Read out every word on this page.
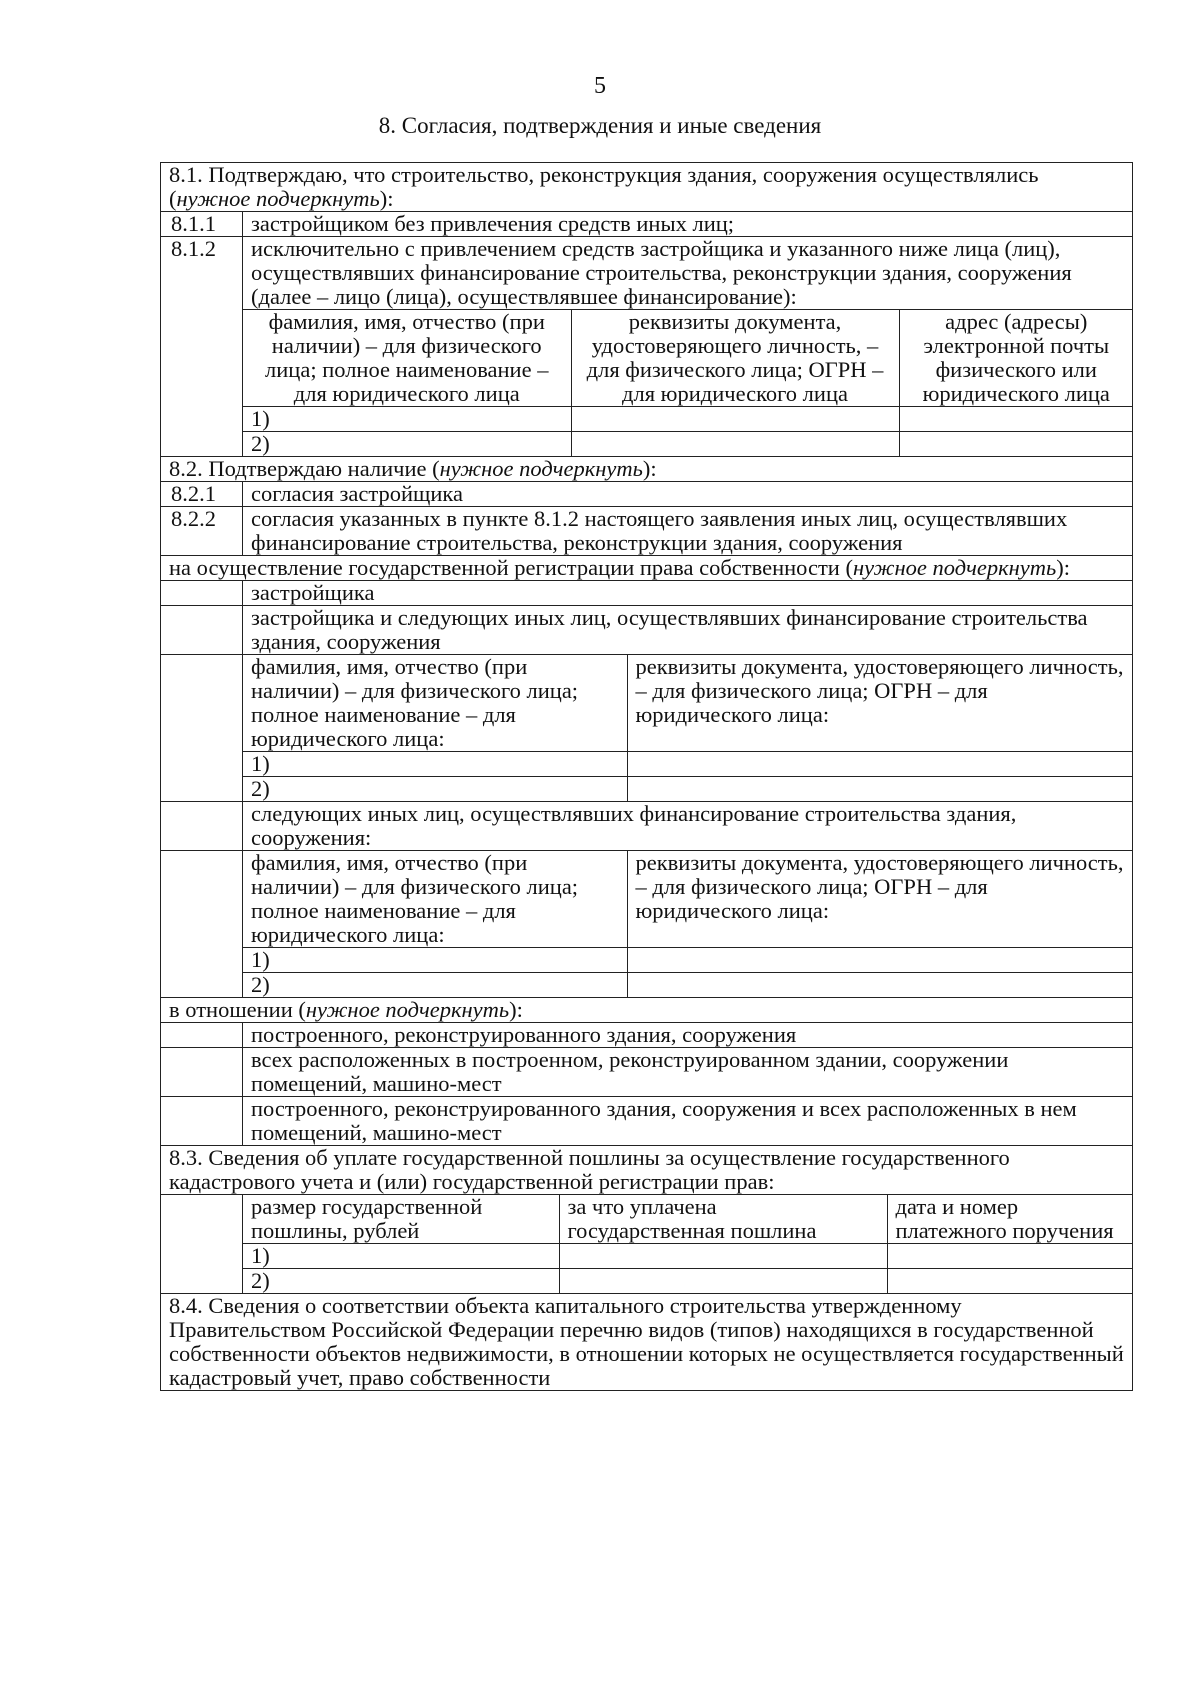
5
8. Согласия, подтверждения и иные сведения
8.1. Подтверждаю, что строительство, реконструкция здания, сооружения осуществлялись (нужное подчеркнуть):
8.1.1	застройщиком без привлечения средств иных лиц;
8.1.2	исключительно с привлечением средств застройщика и указанного ниже лица (лиц), осуществлявших финансирование строительства, реконструкции здания, сооружения (далее – лицо (лица), осуществлявшее финансирование):
фамилия, имя, отчество (при наличии) – для физического лица; полное наименование – для юридического лица	реквизиты документа, удостоверяющего личность, – для физического лица; ОГРН – для юридического лица	адрес (адресы) электронной почты физического или юридического лица
1)		
2)		

8.2. Подтверждаю наличие (нужное подчеркнуть):
8.2.1	согласия застройщика
8.2.2	согласия указанных в пункте 8.1.2 настоящего заявления иных лиц, осуществлявших финансирование строительства, реконструкции здания, сооружения
на осуществление государственной регистрации права собственности (нужное подчеркнуть):
	застройщика
	застройщика и следующих иных лиц, осуществлявших финансирование строительства здания, сооружения

фамилия, имя, отчество (при наличии) – для физического лица; полное наименование – для юридического лица:	реквизиты документа, удостоверяющего личность, – для физического лица; ОГРН – для юридического лица:
1)	
2)	

	следующих иных лиц, осуществлявших финансирование строительства здания, сооружения:

фамилия, имя, отчество (при наличии) – для физического лица; полное наименование – для юридического лица:	реквизиты документа, удостоверяющего личность, – для физического лица; ОГРН – для юридического лица:
1)	
2)	

в отношении (нужное подчеркнуть):
	построенного, реконструированного здания, сооружения
	всех расположенных в построенном, реконструированном здании, сооружении помещений, машино-мест
	построенного, реконструированного здания, сооружения и всех расположенных в нем помещений, машино-мест
8.3. Сведения об уплате государственной пошлины за осуществление государственного кадастрового учета и (или) государственной регистрации прав:

размер государственной пошлины, рублей	за что уплачена государственная пошлина	дата и номер платежного поручения
1)		
2)		

8.4. Сведения о соответствии объекта капитального строительства утвержденному Правительством Российской Федерации перечню видов (типов) находящихся в государственной собственности объектов недвижимости, в отношении которых не осуществляется государственный кадастровый учет, право собственности
